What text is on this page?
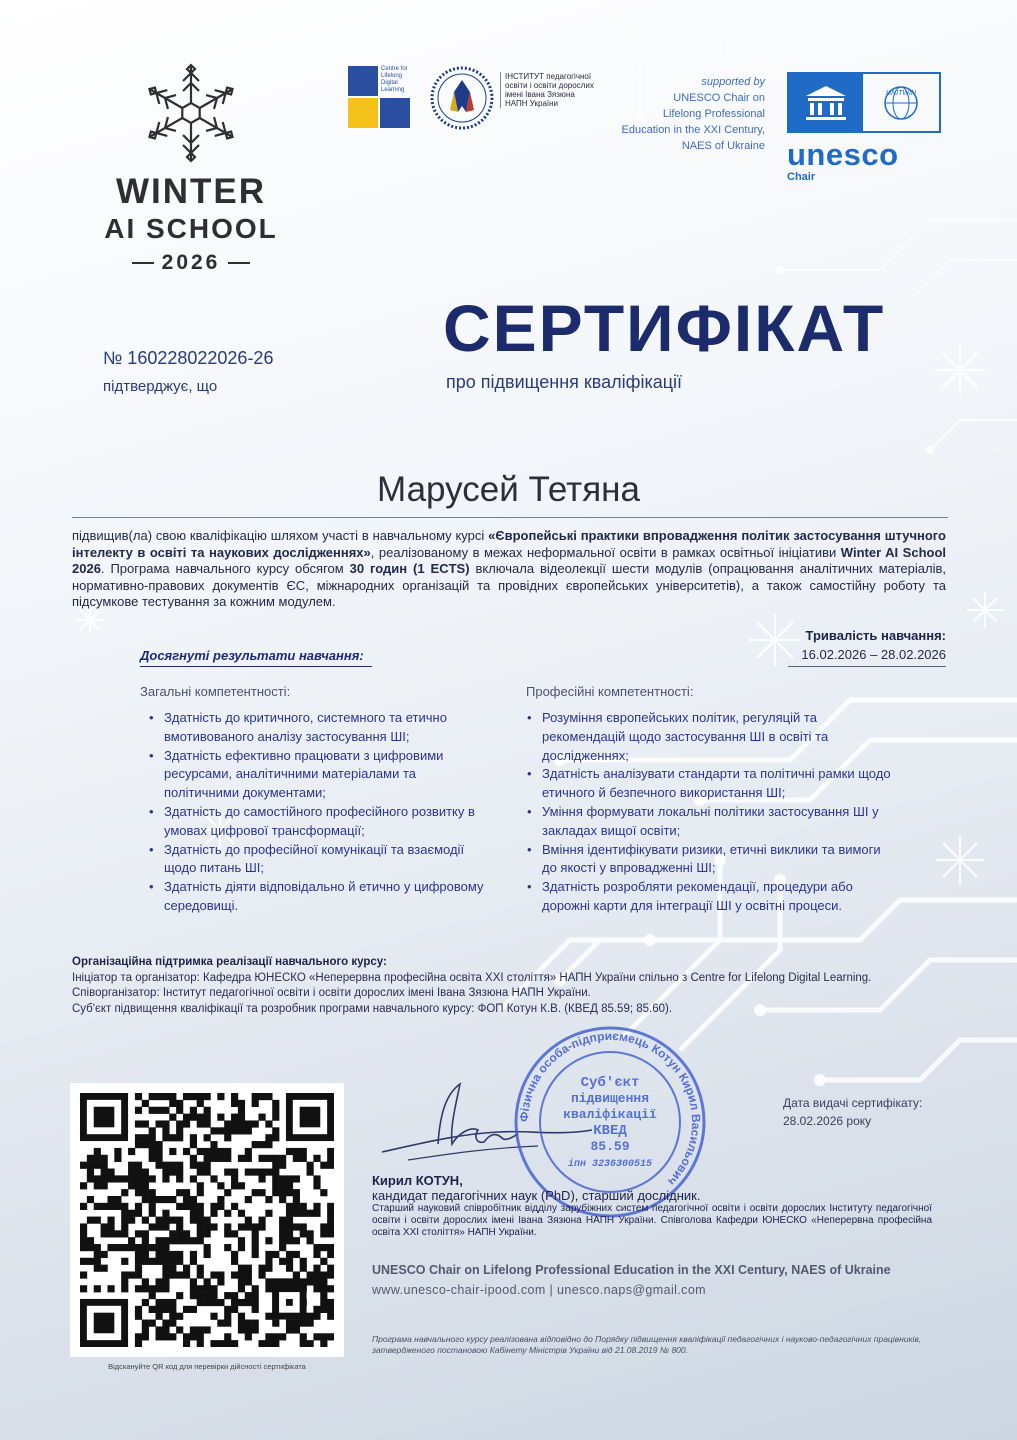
WINTER
AI SCHOOL
2026
Centre for Lifelong Digital Learning
ІНСТИТУТ педагогічної освіти і освіти дорослих імені Івана Зязюна НАПН України
supported by
UNESCO Chair on
Lifelong Professional
Education in the XXI Century,
NAES of Ukraine
UNITWIN
unesco
Chair
№ 160228022026-26
підтверджує, що
СЕРТИФІКАТ
про підвищення кваліфікації
Марусей Тетяна
підвищив(ла) свою кваліфікацію шляхом участі в навчальному курсі «Європейські практики впровадження політик застосування штучного інтелекту в освіті та наукових дослідженнях», реалізованому в межах неформальної освіти в рамках освітньої ініціативи Winter AI School 2026. Програма навчального курсу обсягом 30 годин (1 ECTS) включала відеолекції шести модулів (опрацювання аналітичних матеріалів, нормативно-правових документів ЄС, міжнародних організацій та провідних європейських університетів), а також самостійну роботу та підсумкове тестування за кожним модулем.
Тривалість навчання:
16.02.2026 – 28.02.2026
Досягнуті результати навчання:
Загальні компетентності:	Професійні компетентності:
• Здатність до критичного, системного та етично вмотивованого аналізу застосування ШІ;
• Здатність ефективно працювати з цифровими ресурсами, аналітичними матеріалами та політичними документами;
• Здатність до самостійного професійного розвитку в умовах цифрової трансформації;
• Здатність до професійної комунікації та взаємодії щодо питань ШІ;
• Здатність діяти відповідально й етично у цифровому середовищі.
• Розуміння європейських політик, регуляцій та рекомендацій щодо застосування ШІ в освіті та дослідженнях;
• Здатність аналізувати стандарти та політичні рамки щодо етичного й безпечного використання ШІ;
• Уміння формувати локальні політики застосування ШІ у закладах вищої освіти;
• Вміння ідентифікувати ризики, етичні виклики та вимоги до якості у впровадженні ШІ;
• Здатність розробляти рекомендації, процедури або дорожні карти для інтеграції ШІ у освітні процеси.
Організаційна підтримка реалізації навчального курсу:
Ініціатор та організатор: Кафедра ЮНЕСКО «Неперервна професійна освіта XXI століття» НАПН України спільно з Centre for Lifelong Digital Learning.
Співорганізатор: Інститут педагогічної освіти і освіти дорослих імені Івана Зязюна НАПН України.
Суб'єкт підвищення кваліфікації та розробник програми навчального курсу: ФОП Котун К.В. (КВЕД 85.59; 85.60).
Відскануйте QR код для перевірки дійсності сертифіката
Дата видачі сертифікату:
28.02.2026 року
Фізична особа-підприємець Котун Кирил Васильович
Суб'єкт
підвищення
кваліфікації
КВЕД
85.59
іпн 3236300515
Кирил КОТУН,
кандидат педагогічних наук (PhD), старший дослідник.
Старший науковий співробітник відділу зарубіжних систем педагогічної освіти і освіти дорослих Інституту педагогічної освіти і освіти дорослих імені Івана Зязюна НАПН України. Співголова Кафедри ЮНЕСКО «Неперервна професійна освіта XXI століття» НАПН України.
UNESCO Chair on Lifelong Professional Education in the XXI Century, NAES of Ukraine
www.unesco-chair-ipood.com | unesco.naps@gmail.com
Програма навчального курсу реалізована відповідно до Порядку підвищення кваліфікації педагогічних і науково-педагогічних працівників, затвердженого постановою Кабінету Міністрів України від 21.08.2019 № 800.
